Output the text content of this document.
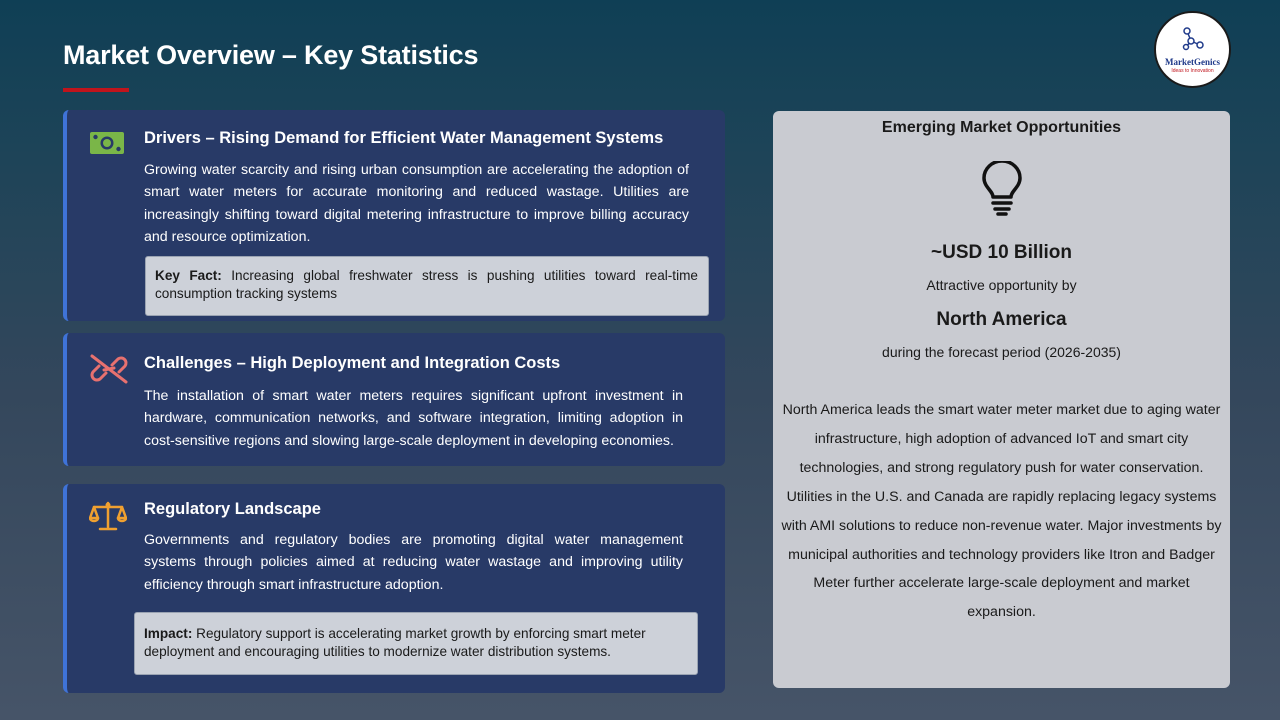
Market Overview – Key Statistics	MarketGenics
Ideas to Innovation
Drivers – Rising Demand for Efficient Water Management Systems
Growing water scarcity and rising urban consumption are accelerating the adoption of smart water meters for accurate monitoring and reduced wastage. Utilities are increasingly shifting toward digital metering infrastructure to improve billing accuracy and resource optimization.
Key Fact: Increasing global freshwater stress is pushing utilities toward real-time consumption tracking systems
Challenges – High Deployment and Integration Costs
The installation of smart water meters requires significant upfront investment in hardware, communication networks, and software integration, limiting adoption in cost-sensitive regions and slowing large-scale deployment in developing economies.
Regulatory Landscape
Governments and regulatory bodies are promoting digital water management systems through policies aimed at reducing water wastage and improving utility efficiency through smart infrastructure adoption.
Impact: Regulatory support is accelerating market growth by enforcing smart meter deployment and encouraging utilities to modernize water distribution systems.
Emerging Market Opportunities
~USD 10 Billion
Attractive opportunity by
North America
during the forecast period (2026-2035)
North America leads the smart water meter market due to aging water infrastructure, high adoption of advanced IoT and smart city technologies, and strong regulatory push for water conservation. Utilities in the U.S. and Canada are rapidly replacing legacy systems with AMI solutions to reduce non-revenue water. Major investments by municipal authorities and technology providers like Itron and Badger Meter further accelerate large-scale deployment and market expansion.
